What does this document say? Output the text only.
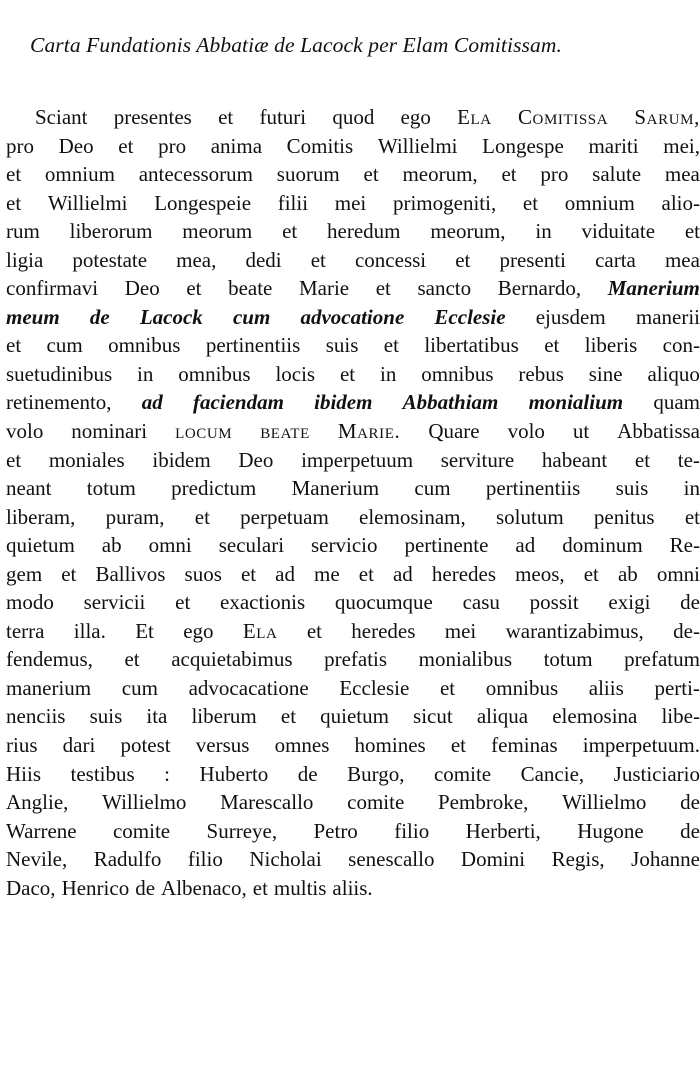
Carta Fundationis Abbatiæ de Lacock per Elam Comitissam.
Sciant presentes et futuri quod ego Ela Comitissa Sarum,
pro Deo et pro anima Comitis Willielmi Longespe mariti mei,
et omnium antecessorum suorum et meorum, et pro salute mea
et Willielmi Longespeie filii mei primogeniti, et omnium alio-
rum liberorum meorum et heredum meorum, in viduitate et
ligia potestate mea, dedi et concessi et presenti carta mea
confirmavi Deo et beate Marie et sancto Bernardo, Manerium
meum de Lacock cum advocatione Ecclesie ejusdem manerii
et cum omnibus pertinentiis suis et libertatibus et liberis con-
suetudinibus in omnibus locis et in omnibus rebus sine aliquo
retinemento, ad faciendam ibidem Abbathiam monialium quam
volo nominari locum beate Marie. Quare volo ut Abbatissa
et moniales ibidem Deo imperpetuum serviture habeant et te-
neant totum predictum Manerium cum pertinentiis suis in
liberam, puram, et perpetuam elemosinam, solutum penitus et
quietum ab omni seculari servicio pertinente ad dominum Re-
gem et Ballivos suos et ad me et ad heredes meos, et ab omni
modo servicii et exactionis quocumque casu possit exigi de
terra illa. Et ego Ela et heredes mei warantizabimus, de-
fendemus, et acquietabimus prefatis monialibus totum prefatum
manerium cum advocacatione Ecclesie et omnibus aliis perti-
nenciis suis ita liberum et quietum sicut aliqua elemosina libe-
rius dari potest versus omnes homines et feminas imperpetuum.
Hiis testibus : Huberto de Burgo, comite Cancie, Justiciario
Anglie, Willielmo Marescallo comite Pembroke, Willielmo de
Warrene comite Surreye, Petro filio Herberti, Hugone de
Nevile, Radulfo filio Nicholai senescallo Domini Regis, Johanne
Daco, Henrico de Albenaco, et multis aliis.
